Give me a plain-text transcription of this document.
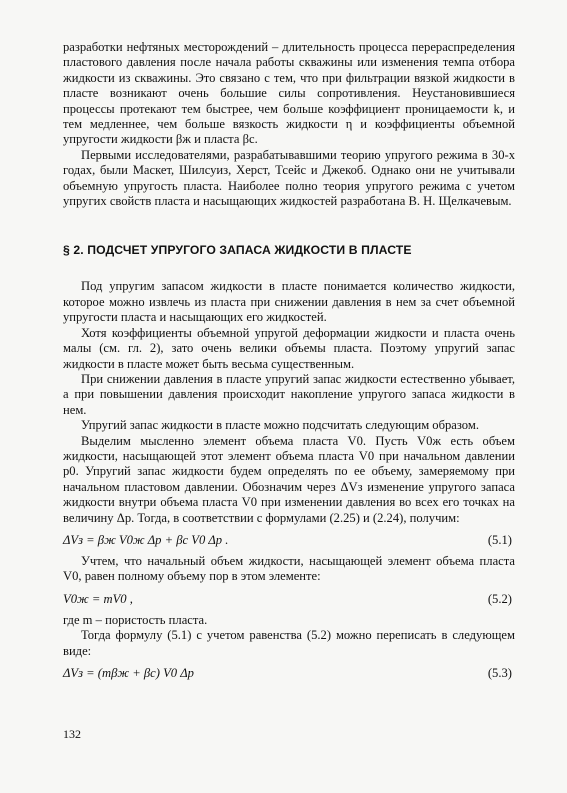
разработки нефтяных месторождений – длительность процесса перераспределения пластового давления после начала работы скважины или изменения темпа отбора жидкости из скважины. Это связано с тем, что при фильтрации вязкой жидкости в пласте возникают очень большие силы сопротивления. Неустановившиеся процессы протекают тем быстрее, чем больше коэффициент проницаемости k, и тем медленнее, чем больше вязкость жидкости η и коэффициенты объемной упругости жидкости βж и пласта βc.

Первыми исследователями, разрабатывавшими теорию упругого режима в 30-х годах, были Маскет, Шилсуиз, Херст, Тсейс и Джекоб. Однако они не учитывали объемную упругость пласта. Наиболее полно теория упругого режима с учетом упругих свойств пласта и насыщающих жидкостей разработана В. Н. Щелкачевым.

§ 2. ПОДСЧЕТ УПРУГОГО ЗАПАСА ЖИДКОСТИ В ПЛАСТЕ

Под упругим запасом жидкости в пласте понимается количество жидкости, которое можно извлечь из пласта при снижении давления в нем за счет объемной упругости пласта и насыщающих его жидкостей.

Хотя коэффициенты объемной упругой деформации жидкости и пласта очень малы (см. гл. 2), зато очень велики объемы пласта. Поэтому упругий запас жидкости в пласте может быть весьма существенным.

При снижении давления в пласте упругий запас жидкости естественно убывает, а при повышении давления происходит накопление упругого запаса жидкости в нем.

Упругий запас жидкости в пласте можно подсчитать следующим образом.

Выделим мысленно элемент объема пласта V0. Пусть V0ж есть объем жидкости, насыщающей этот элемент объема пласта V0 при начальном давлении p0. Упругий запас жидкости будем определять по ее объему, замеряемому при начальном пластовом давлении. Обозначим через ΔVз изменение упругого запаса жидкости внутри объема пласта V0 при изменении давления во всех его точках на величину Δp. Тогда, в соответствии с формулами (2.25) и (2.24), получим:

ΔVз = βж V0ж Δp + βc V0 Δp .	(5.1)

Учтем, что начальный объем жидкости, насыщающей элемент объема пласта V0, равен полному объему пор в этом элементе:

V0ж = mV0 ,	(5.2)

где m – пористость пласта.

Тогда формулу (5.1) с учетом равенства (5.2) можно переписать в следующем виде:

ΔVз = (mβж + βc) V0 Δp	(5.3)
132
